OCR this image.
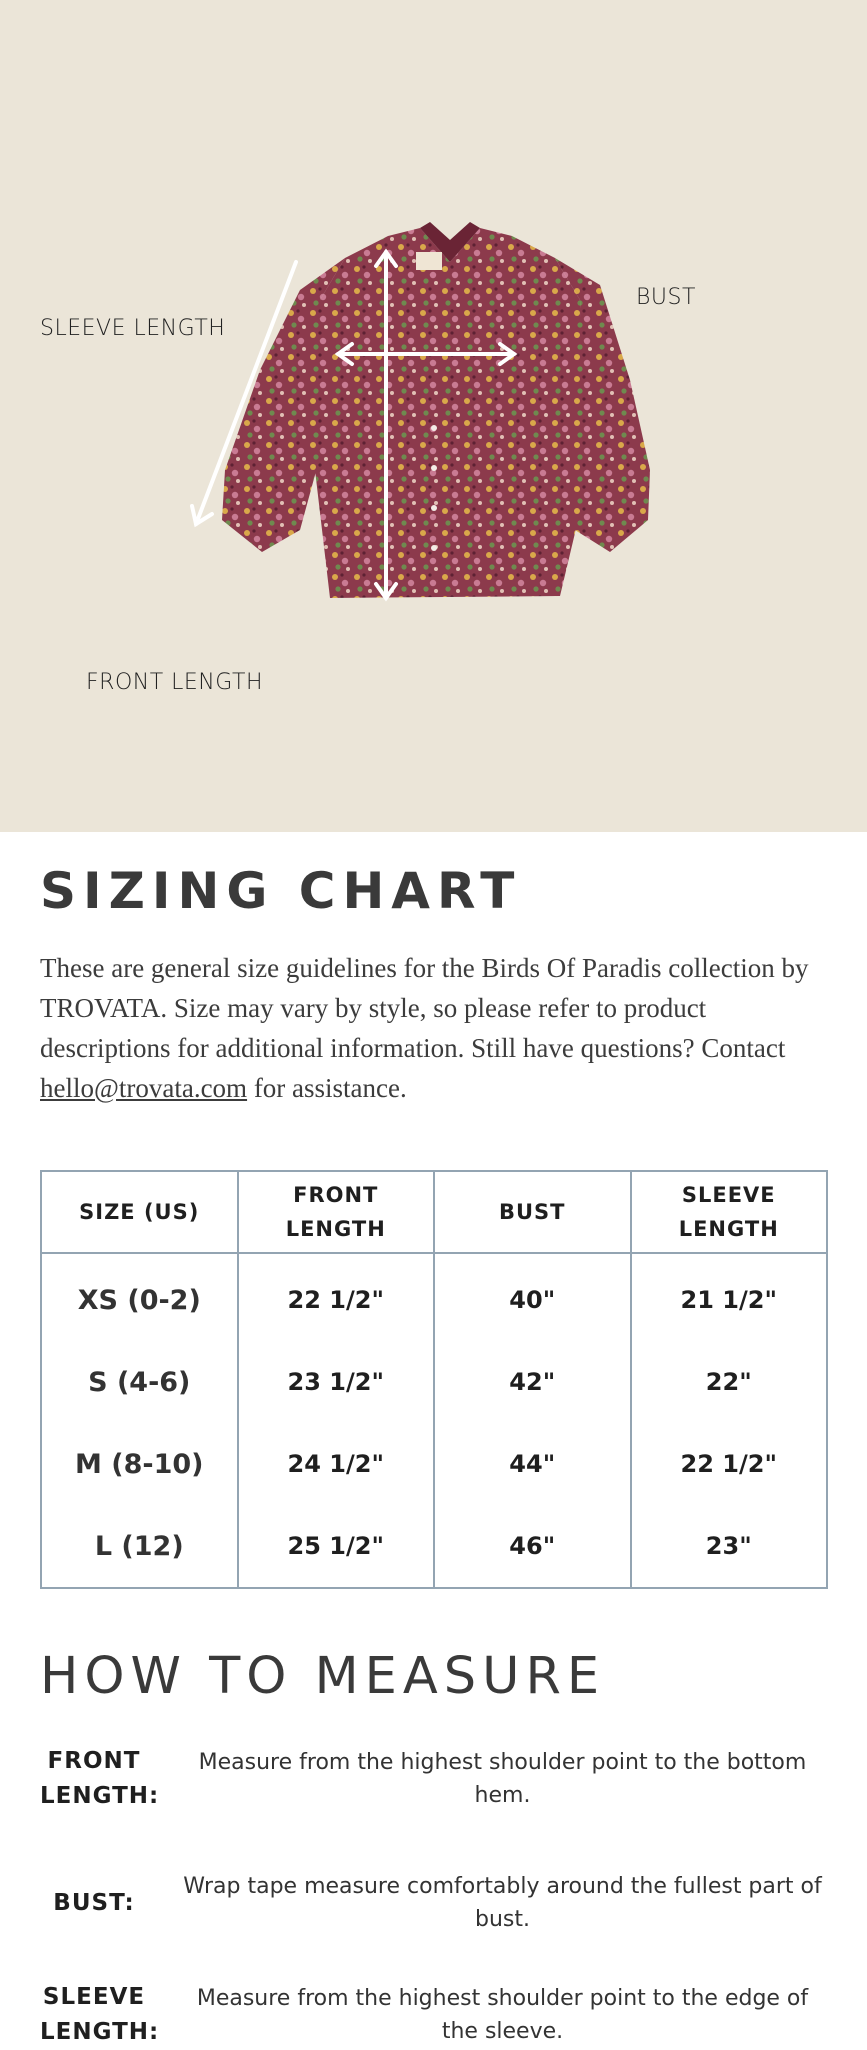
SLEEVE LENGTH
BUST
FRONT LENGTH
SIZING CHART

These are general size guidelines for the Birds Of Paradis collection by TROVATA. Size may vary by style, so please refer to product descriptions for additional information. Still have questions? Contact hello@trovata.com for assistance.

SIZE (US)	FRONT LENGTH	BUST	SLEEVE LENGTH
XS (0-2)	22 1/2"	40"	21 1/2"
S (4-6)	23 1/2"	42"	22"
M (8-10)	24 1/2"	44"	22 1/2"
L (12)	25 1/2"	46"	23"
HOW TO MEASURE
FRONT LENGTH:
Measure from the highest shoulder point to the bottom hem.
BUST:
Wrap tape measure comfortably around the fullest part of bust.
SLEEVE LENGTH:
Measure from the highest shoulder point to the edge of the sleeve.
